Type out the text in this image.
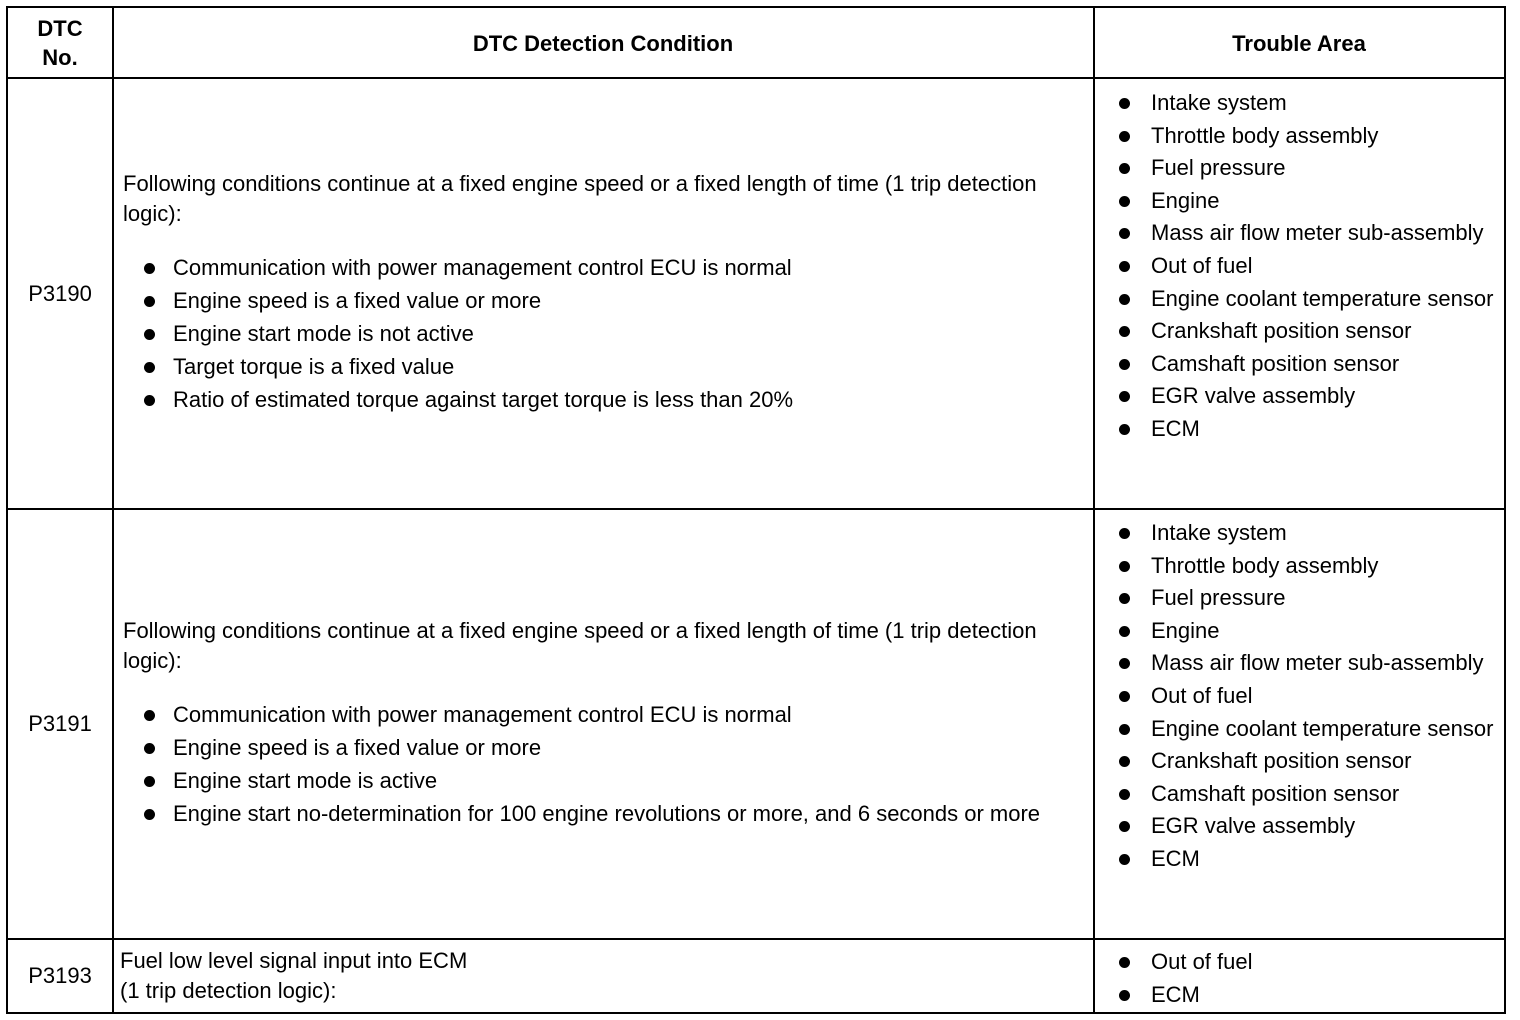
DTC
No.
DTC Detection Condition	Trouble Area
P3190

Following conditions continue at a fixed engine speed or a fixed length of time (1 trip detection logic):

Communication with power management control ECU is normal
Engine speed is a fixed value or more
Engine start mode is not active
Target torque is a fixed value
Ratio of estimated torque against target torque is less than 20%
Intake system
Throttle body assembly
Fuel pressure
Engine
Mass air flow meter sub-assembly
Out of fuel
Engine coolant temperature sensor
Crankshaft position sensor
Camshaft position sensor
EGR valve assembly
ECM
P3191

Following conditions continue at a fixed engine speed or a fixed length of time (1 trip detection logic):

Communication with power management control ECU is normal
Engine speed is a fixed value or more
Engine start mode is active
Engine start no-determination for 100 engine revolutions or more, and 6 seconds or more
Intake system
Throttle body assembly
Fuel pressure
Engine
Mass air flow meter sub-assembly
Out of fuel
Engine coolant temperature sensor
Crankshaft position sensor
Camshaft position sensor
EGR valve assembly
ECM
P3193

Fuel low level signal input into ECM

(1 trip detection logic):

Out of fuel
ECM
